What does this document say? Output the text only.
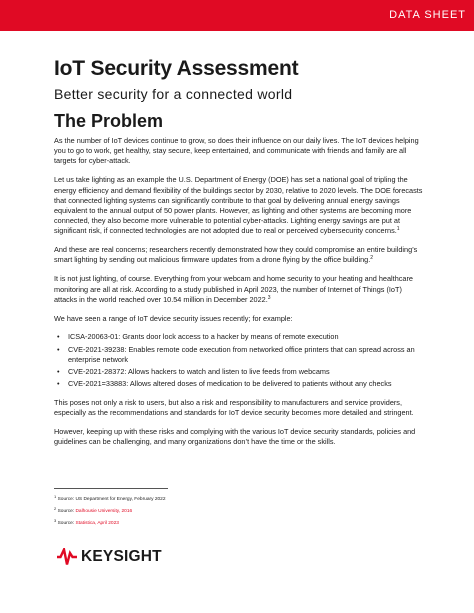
DATA SHEET
IoT Security Assessment
Better security for a connected world
The Problem

As the number of IoT devices continue to grow, so does their influence on our daily lives. The IoT devices helping you to go to work, get healthy, stay secure, keep entertained, and communicate with friends and family are all targets for cyber-attack.

Let us take lighting as an example the U.S. Department of Energy (DOE) has set a national goal of tripling the energy efficiency and demand flexibility of the buildings sector by 2030, relative to 2020 levels. The DOE forecasts that connected lighting systems can significantly contribute to that goal by delivering annual energy savings equivalent to the annual output of 50 power plants. However, as lighting and other systems are becoming more connected, they also become more vulnerable to potential cyber-attacks. Lighting energy savings are put at significant risk, if connected technologies are not adopted due to real or perceived cybersecurity concerns.$^1$

And these are real concerns; researchers recently demonstrated how they could compromise an entire building’s smart lighting by sending out malicious firmware updates from a drone flying by the office building.$^2$

It is not just lighting, of course. Everything from your webcam and home security to your heating and healthcare monitoring are all at risk. According to a study published in April 2023, the number of Internet of Things (IoT) attacks in the world reached over 10.54 million in December 2022.$^3$

We have seen a range of IoT device security issues recently; for example:

• ICSA-20063-01: Grants door lock access to a hacker by means of remote execution
• CVE-2021-39238: Enables remote code execution from networked office printers that can spread across an enterprise network
• CVE-2021-28372: Allows hackers to watch and listen to live feeds from webcams
• CVE-2021=33883: Allows altered doses of medication to be delivered to patients without any checks

This poses not only a risk to users, but also a risk and responsibility to manufacturers and service providers, especially as the recommendations and standards for IoT device security becomes more detailed and stringent.

However, keeping up with these risks and complying with the various IoT device security standards, policies and guidelines can be challenging, and many organizations don’t have the time or the skills.

$^1$ Source: US Department for Energy, February 2022
$^2$ Source: Dalhousie University, 2016
$^3$ Source: Statistica, April 2023
KEYSIGHT
